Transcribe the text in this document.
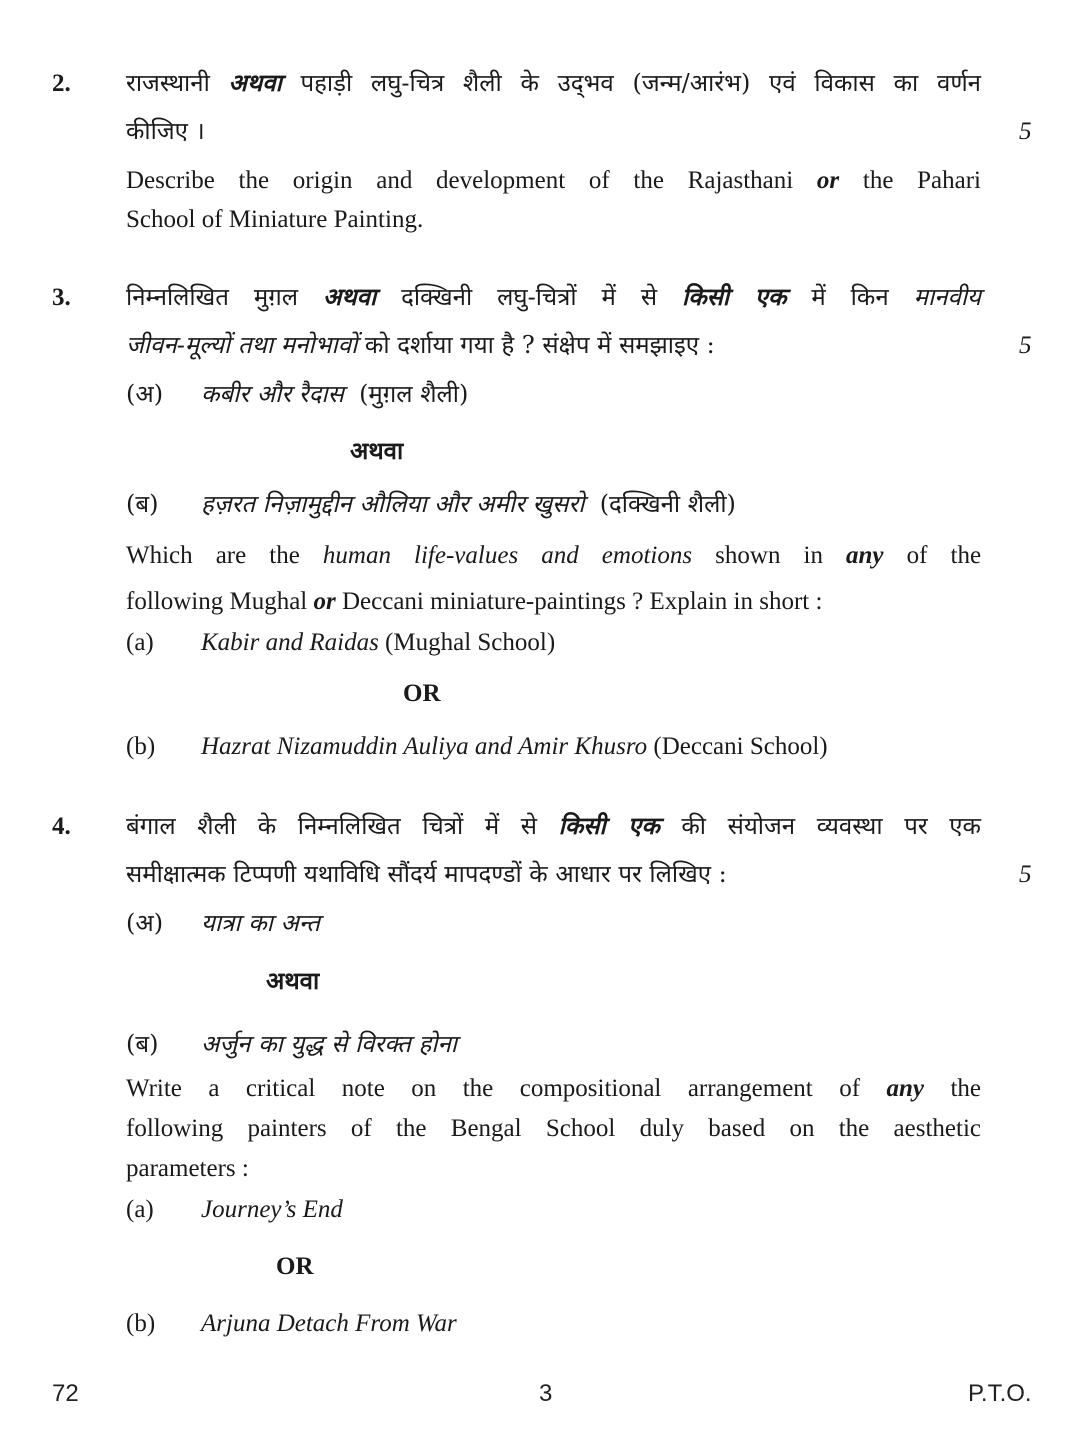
2. राजस्थानी अथवा पहाड़ी लघु-चित्र शैली के उद्‌भव (जन्म/आरंभ) एवं विकास का वर्णन
कीजिए ।	5
Describe the origin and development of the Rajasthani or the Pahari
School of Miniature Painting.
3. निम्नलिखित मुग़ल अथवा दक्खिनी लघु-चित्रों में से किसी एक में किन मानवीय
जीवन-मूल्यों तथा मनोभावों को दर्शाया गया है ? संक्षेप में समझाइए :	5
(अ) कबीर और रैदास (मुग़ल शैली)
अथवा
(ब) हज़रत निज़ामुद्दीन औलिया और अमीर खुसरो (दक्खिनी शैली)
Which are the human life-values and emotions shown in any of the
following Mughal or Deccani miniature-paintings ? Explain in short :
(a) Kabir and Raidas (Mughal School)
OR
(b) Hazrat Nizamuddin Auliya and Amir Khusro (Deccani School)
4. बंगाल शैली के निम्नलिखित चित्रों में से किसी एक की संयोजन व्यवस्था पर एक
समीक्षात्मक टिप्पणी यथाविधि सौंदर्य मापदण्डों के आधार पर लिखिए :	5
(अ) यात्रा का अन्त
अथवा
(ब) अर्जुन का युद्ध से विरक्त होना
Write a critical note on the compositional arrangement of any the
following painters of the Bengal School duly based on the aesthetic
parameters :
(a) Journey’s End
OR
(b) Arjuna Detach From War
72	3	P.T.O.
